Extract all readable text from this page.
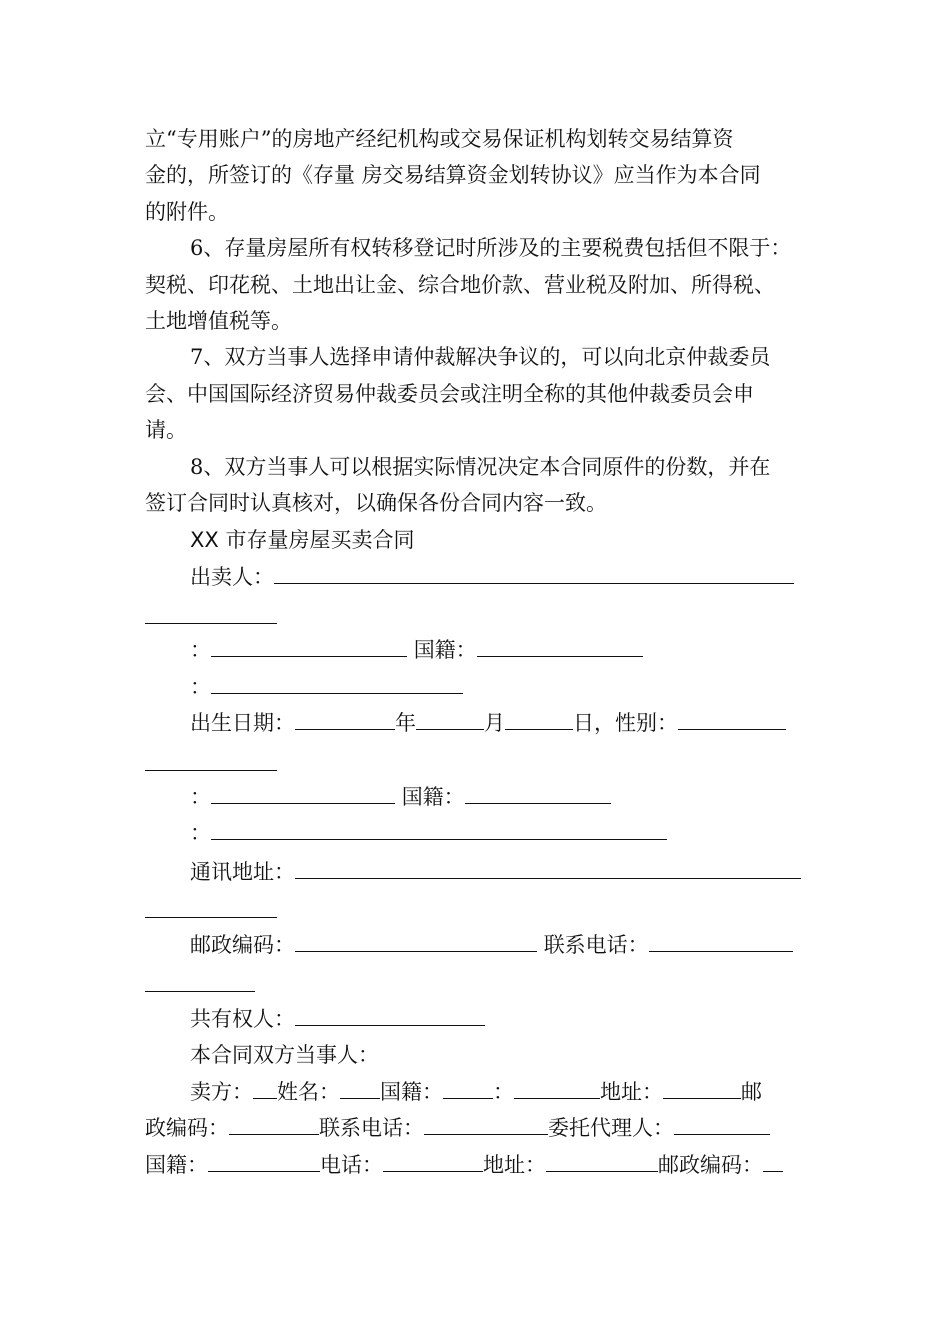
立“专用账户”的房地产经纪机构或交易保证机构划转交易结算资
金的，所签订的《存量 房交易结算资金划转协议》应当作为本合同
的附件。
6、存量房屋所有权转移登记时所涉及的主要税费包括但不限于：
契税、印花税、土地出让金、综合地价款、营业税及附加、所得税、
土地增值税等。
7、双方当事人选择申请仲裁解决争议的，可以向北京仲裁委员
会、中国国际经济贸易仲裁委员会或注明全称的其他仲裁委员会申
请。
8、双方当事人可以根据实际情况决定本合同原件的份数，并在
签订合同时认真核对，以确保各份合同内容一致。
XX 市存量房屋买卖合同
出卖人：
：	国籍：
：
出生日期：	年	月	日，性别：
：	国籍：
：
通讯地址：
邮政编码：	联系电话：
共有权人：
本合同双方当事人：
卖方： 姓名： 国籍： ：	地址：	邮
政编码：	联系电话：	委托代理人：
国籍：	电话：	地址：	邮政编码：
